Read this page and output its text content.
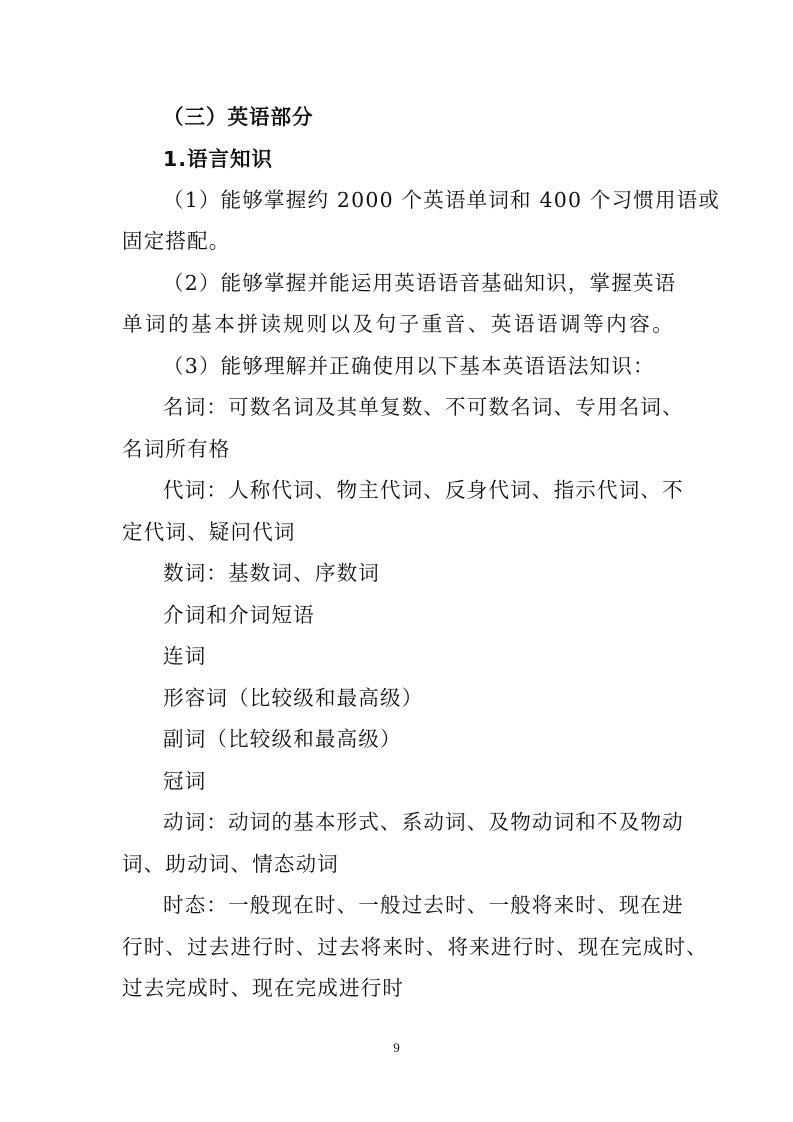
（三）英语部分
1.语言知识
（1）能够掌握约 2000 个英语单词和 400 个习惯用语或
固定搭配。
（2）能够掌握并能运用英语语音基础知识，掌握英语
单词的基本拼读规则以及句子重音、英语语调等内容。
（3）能够理解并正确使用以下基本英语语法知识：
名词：可数名词及其单复数、不可数名词、专用名词、
名词所有格
代词：人称代词、物主代词、反身代词、指示代词、不
定代词、疑问代词
数词：基数词、序数词
介词和介词短语
连词
形容词（比较级和最高级）
副词（比较级和最高级）
冠词
动词：动词的基本形式、系动词、及物动词和不及物动
词、助动词、情态动词
时态：一般现在时、一般过去时、一般将来时、现在进
行时、过去进行时、过去将来时、将来进行时、现在完成时、
过去完成时、现在完成进行时
9
